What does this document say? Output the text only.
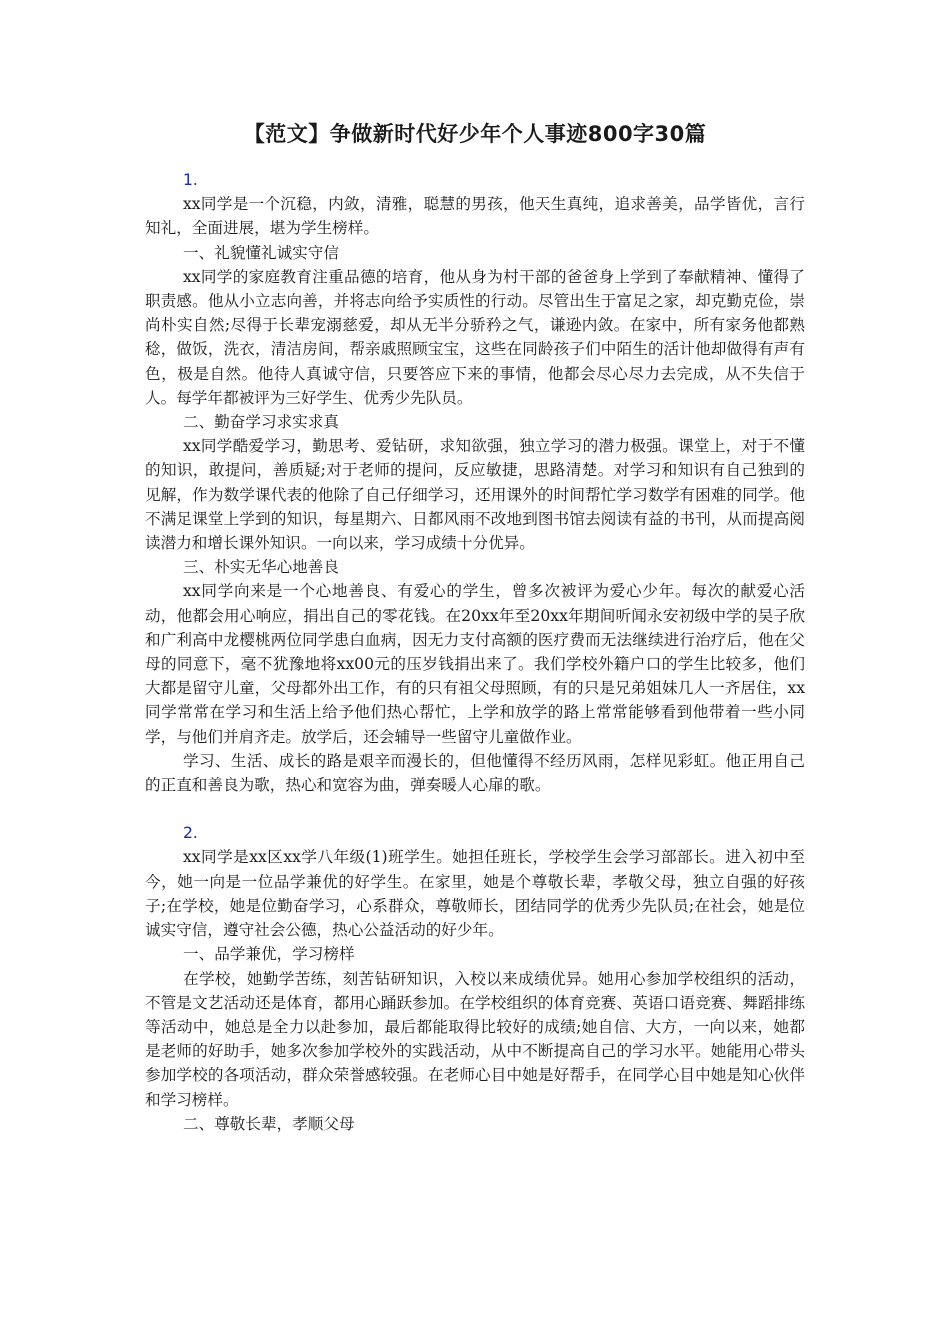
【范文】争做新时代好少年个人事迹800字30篇

1.

xx同学是一个沉稳，内敛，清雅，聪慧的男孩，他天生真纯，追求善美，品学皆优，言行知礼，全面进展，堪为学生榜样。

一、礼貌懂礼诚实守信

xx同学的家庭教育注重品德的培育，他从身为村干部的爸爸身上学到了奉献精神、懂得了职责感。他从小立志向善，并将志向给予实质性的行动。尽管出生于富足之家，却克勤克俭，崇尚朴实自然;尽得于长辈宠溺慈爱，却从无半分骄矜之气，谦逊内敛。在家中，所有家务他都熟稔，做饭，洗衣，清洁房间，帮亲戚照顾宝宝，这些在同龄孩子们中陌生的活计他却做得有声有色，极是自然。他待人真诚守信，只要答应下来的事情，他都会尽心尽力去完成，从不失信于人。每学年都被评为三好学生、优秀少先队员。

二、勤奋学习求实求真

xx同学酷爱学习，勤思考、爱钻研，求知欲强，独立学习的潜力极强。课堂上，对于不懂的知识，敢提问，善质疑;对于老师的提问，反应敏捷，思路清楚。对学习和知识有自己独到的见解，作为数学课代表的他除了自己仔细学习，还用课外的时间帮忙学习数学有困难的同学。他不满足课堂上学到的知识，每星期六、日都风雨不改地到图书馆去阅读有益的书刊，从而提高阅读潜力和增长课外知识。一向以来，学习成绩十分优异。

三、朴实无华心地善良

xx同学向来是一个心地善良、有爱心的学生，曾多次被评为爱心少年。每次的献爱心活动，他都会用心响应，捐出自己的零花钱。在20xx年至20xx年期间听闻永安初级中学的吴子欣和广利高中龙樱桃两位同学患白血病，因无力支付高额的医疗费而无法继续进行治疗后，他在父母的同意下，毫不犹豫地将xx00元的压岁钱捐出来了。我们学校外籍户口的学生比较多，他们大都是留守儿童，父母都外出工作，有的只有祖父母照顾，有的只是兄弟姐妹几人一齐居住，xx同学常常在学习和生活上给予他们热心帮忙，上学和放学的路上常常能够看到他带着一些小同学，与他们并肩齐走。放学后，还会辅导一些留守儿童做作业。

学习、生活、成长的路是艰辛而漫长的，但他懂得不经历风雨，怎样见彩虹。他正用自己的正直和善良为歌，热心和宽容为曲，弹奏暖人心扉的歌。

2.

xx同学是xx区xx学八年级(1)班学生。她担任班长，学校学生会学习部部长。进入初中至今，她一向是一位品学兼优的好学生。在家里，她是个尊敬长辈，孝敬父母，独立自强的好孩子;在学校，她是位勤奋学习，心系群众，尊敬师长，团结同学的优秀少先队员;在社会，她是位诚实守信，遵守社会公德，热心公益活动的好少年。

一、品学兼优，学习榜样

在学校，她勤学苦练，刻苦钻研知识，入校以来成绩优异。她用心参加学校组织的活动，不管是文艺活动还是体育，都用心踊跃参加。在学校组织的体育竞赛、英语口语竞赛、舞蹈排练等活动中，她总是全力以赴参加，最后都能取得比较好的成绩;她自信、大方，一向以来，她都是老师的好助手，她多次参加学校外的实践活动，从中不断提高自己的学习水平。她能用心带头参加学校的各项活动，群众荣誉感较强。在老师心目中她是好帮手，在同学心目中她是知心伙伴和学习榜样。

二、尊敬长辈，孝顺父母
